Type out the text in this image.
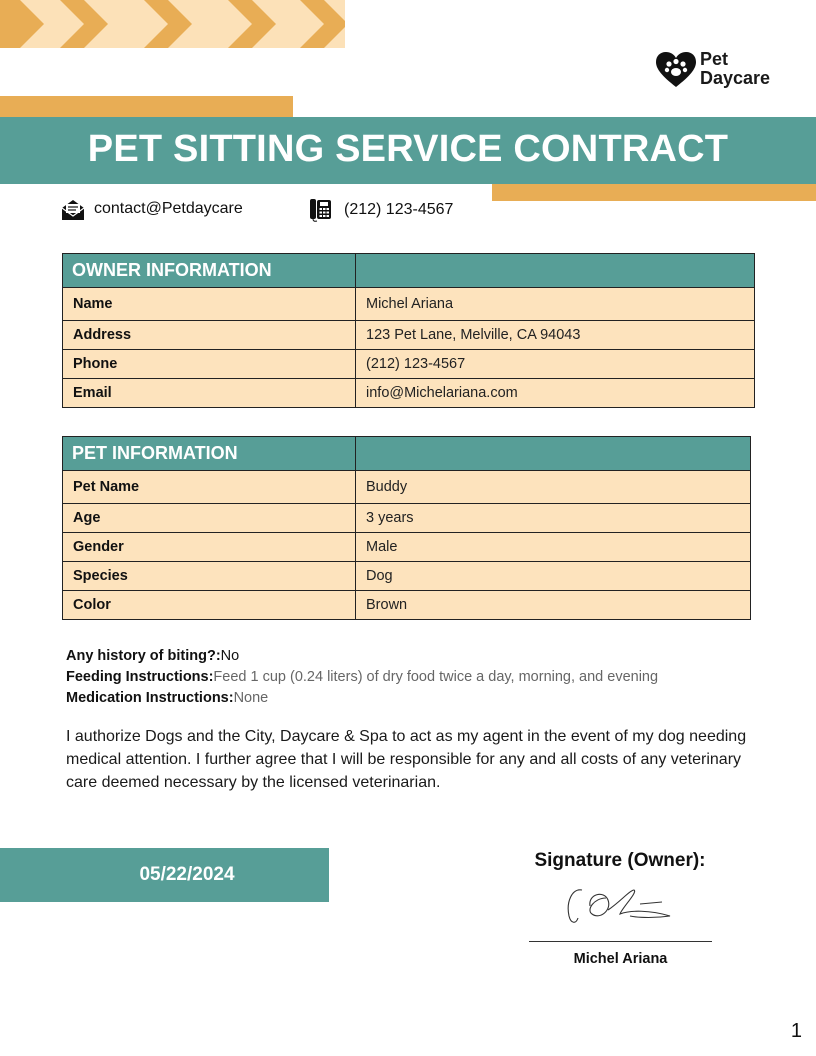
Pet
Daycare
PET SITTING SERVICE CONTRACT
contact@Petdaycare	(212) 123-4567
OWNER INFORMATION	
Name	Michel Ariana
Address	123 Pet Lane, Melville, CA 94043
Phone	(212) 123-4567
Email	info@Michelariana.com
PET INFORMATION	
Pet Name	Buddy
Age	3 years
Gender	Male
Species	Dog
Color	Brown
Any history of biting?:No
Feeding Instructions:Feed 1 cup (0.24 liters) of dry food twice a day, morning, and evening
Medication Instructions:None
I authorize Dogs and the City, Daycare & Spa to act as my agent in the event of my dog needing medical attention. I further agree that I will be responsible for any and all costs of any veterinary care deemed necessary by the licensed veterinarian.
05/22/2024
Signature (Owner):
Michel Ariana
1
